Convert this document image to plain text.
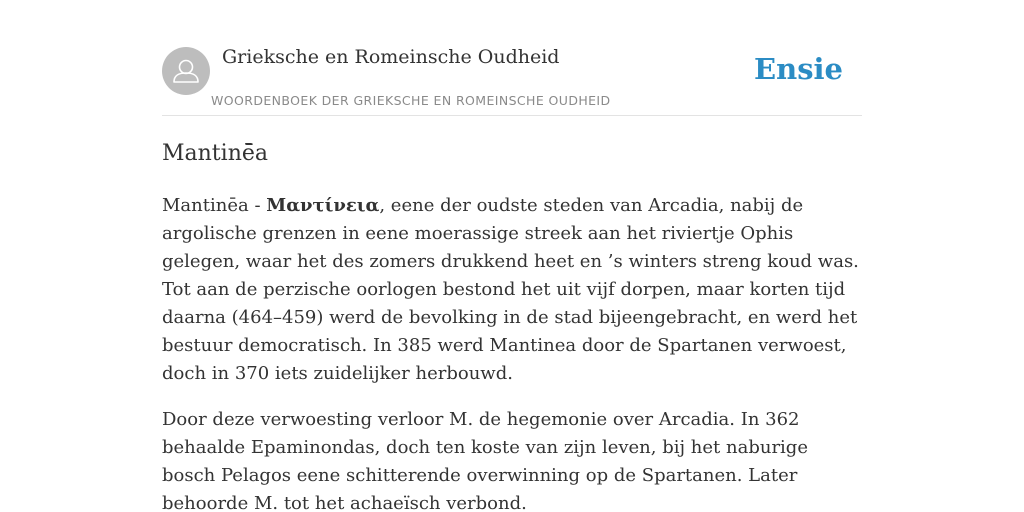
Grieksche en Romeinsche Oudheid
WOORDENBOEK DER GRIEKSCHE EN ROMEINSCHE OUDHEID
Ensie
Mantinē̄a

Mantinēa - Μαντίνεια, eene der oudste steden van Arcadia, nabij de argolische grenzen in eene moerassige streek aan het riviertje Ophis gelegen, waar het des zomers drukkend heet en ’s winters streng koud was. Tot aan de perzische oorlogen bestond het uit vijf dorpen, maar korten tijd daarna (464–459) werd de bevolking in de stad bijeengebracht, en werd het bestuur democratisch. In 385 werd Mantinea door de Spartanen verwoest, doch in 370 iets zuidelijker herbouwd.

Door deze verwoesting verloor M. de hegemonie over Arcadia. In 362 behaalde Epaminondas, doch ten koste van zijn leven, bij het naburige bosch Pelagos eene schitterende overwinning op de Spartanen. Later behoorde M. tot het achaeïsch verbond.
